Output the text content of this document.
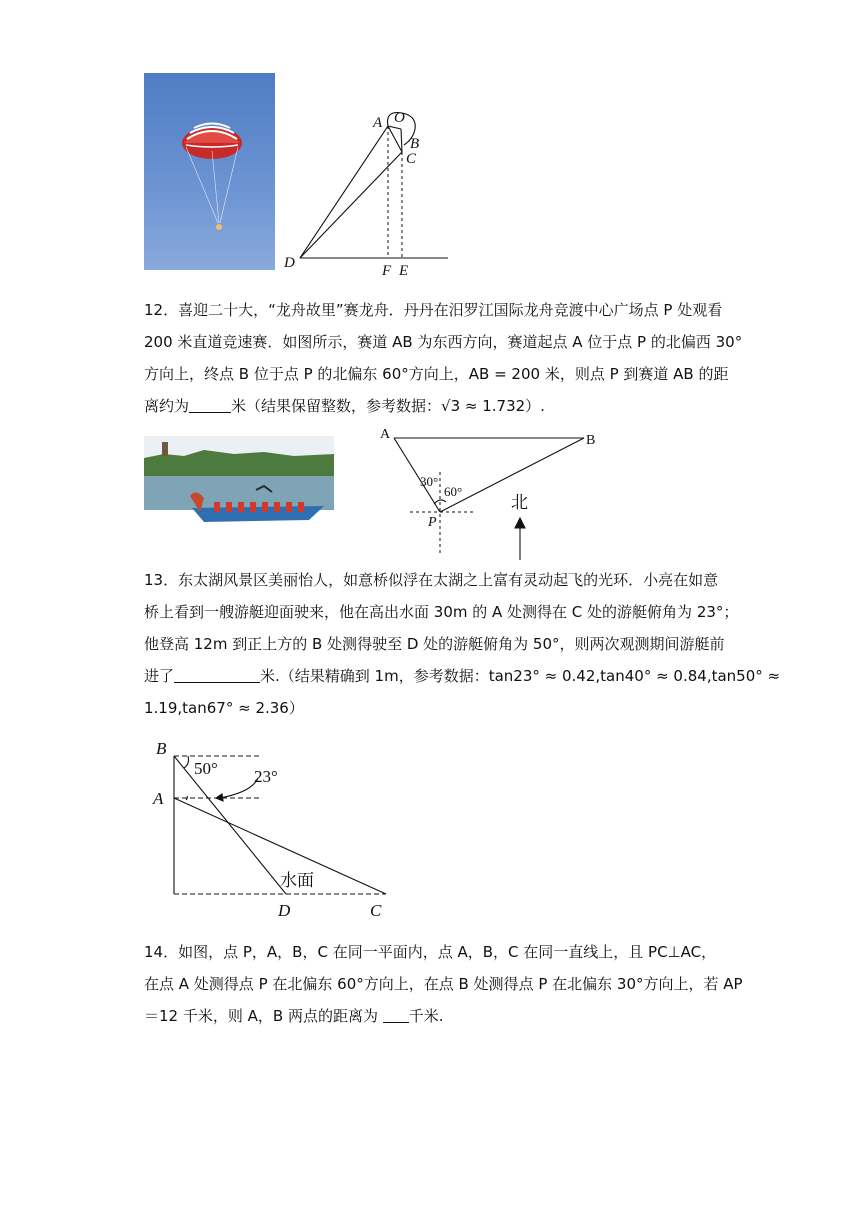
A O
B
C
D	F E

12．喜迎二十大，“龙舟故里”赛龙舟．丹丹在汨罗江国际龙舟竞渡中心广场点 P 处观看

200 米直道竞速赛．如图所示，赛道 AB 为东西方向，赛道起点 A 位于点 P 的北偏西 30°

方向上，终点 B 位于点 P 的北偏东 60°方向上，AB = 200 米，则点 P 到赛道 AB 的距

离约为	米（结果保留整数，参考数据：√3 ≈ 1.732）.

A	B
P
30°
60°
北

13．东太湖风景区美丽怡人，如意桥似浮在太湖之上富有灵动起飞的光环．小亮在如意

桥上看到一艘游艇迎面驶来，他在高出水面 30m 的 A 处测得在 C 处的游艇俯角为 23°；

他登高 12m 到正上方的 B 处测得驶至 D 处的游艇俯角为 50°，则两次观测期间游艇前

进了	米.（结果精确到 1m，参考数据：tan23° ≈ 0.42,tan40° ≈ 0.84,tan50° ≈

1.19,tan67° ≈ 2.36）

B
A
D	C
50° 23°
水面

14．如图，点 P，A，B，C 在同一平面内，点 A，B，C 在同一直线上，且 PC⊥AC，

在点 A 处测得点 P 在北偏东 60°方向上，在点 B 处测得点 P 在北偏东 30°方向上，若 AP

＝12 千米，则 A，B 两点的距离为 千米.
